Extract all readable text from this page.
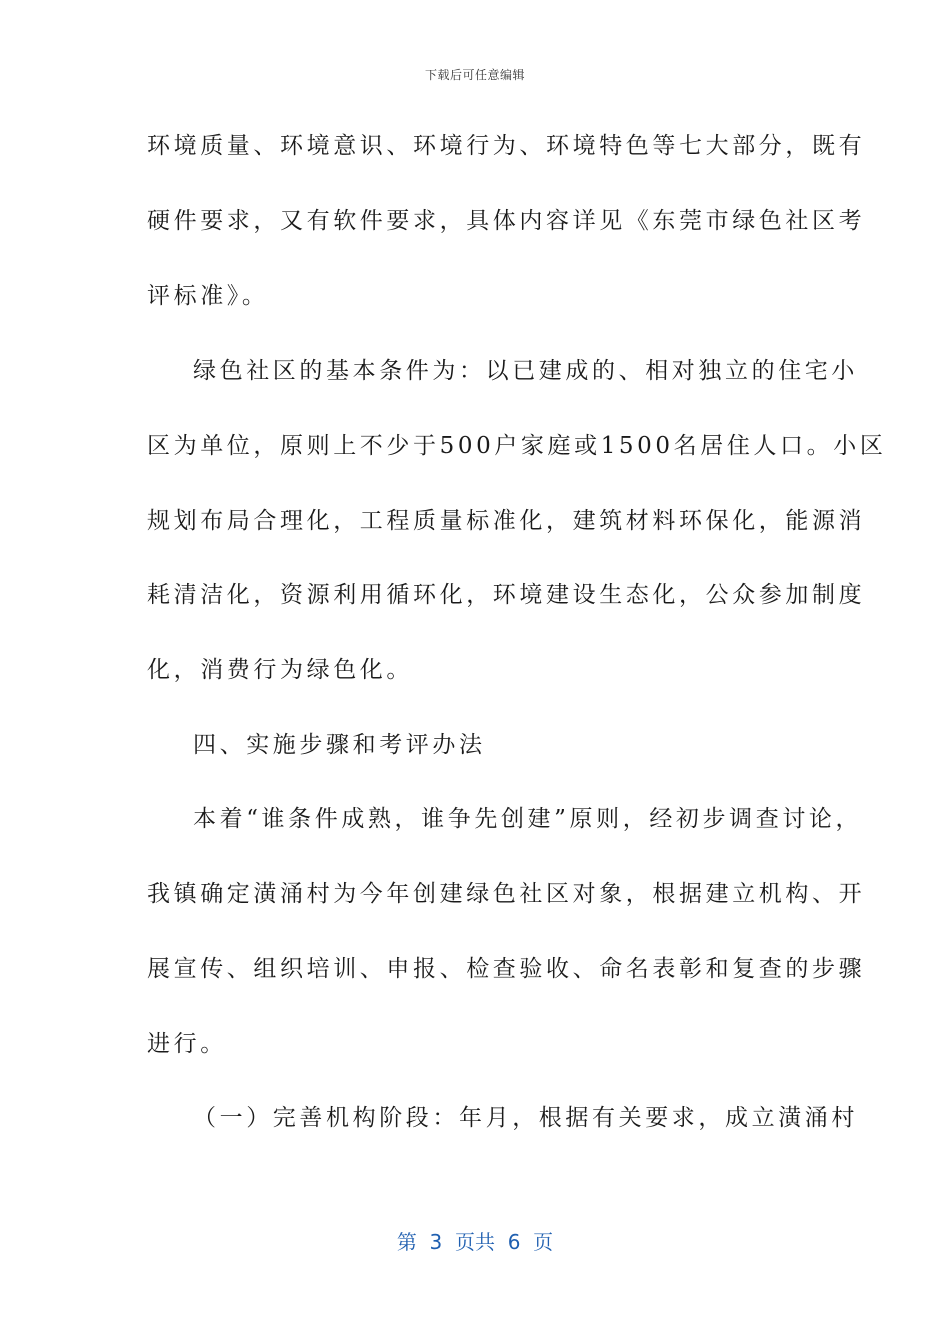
下载后可任意编辑
环境质量、环境意识、环境行为、环境特色等七大部分，既有
硬件要求，又有软件要求，具体内容详见《东莞市绿色社区考
评标准》。
绿色社区的基本条件为：以已建成的、相对独立的住宅小
区为单位，原则上不少于500户家庭或1500名居住人口。小区
规划布局合理化，工程质量标准化，建筑材料环保化，能源消
耗清洁化，资源利用循环化，环境建设生态化，公众参加制度
化，消费行为绿色化。
四、实施步骤和考评办法
本着“谁条件成熟，谁争先创建”原则，经初步调查讨论，
我镇确定潢涌村为今年创建绿色社区对象，根据建立机构、开
展宣传、组织培训、申报、检查验收、命名表彰和复查的步骤
进行。
（一）完善机构阶段：年月，根据有关要求，成立潢涌村
第  3  页共  6  页
